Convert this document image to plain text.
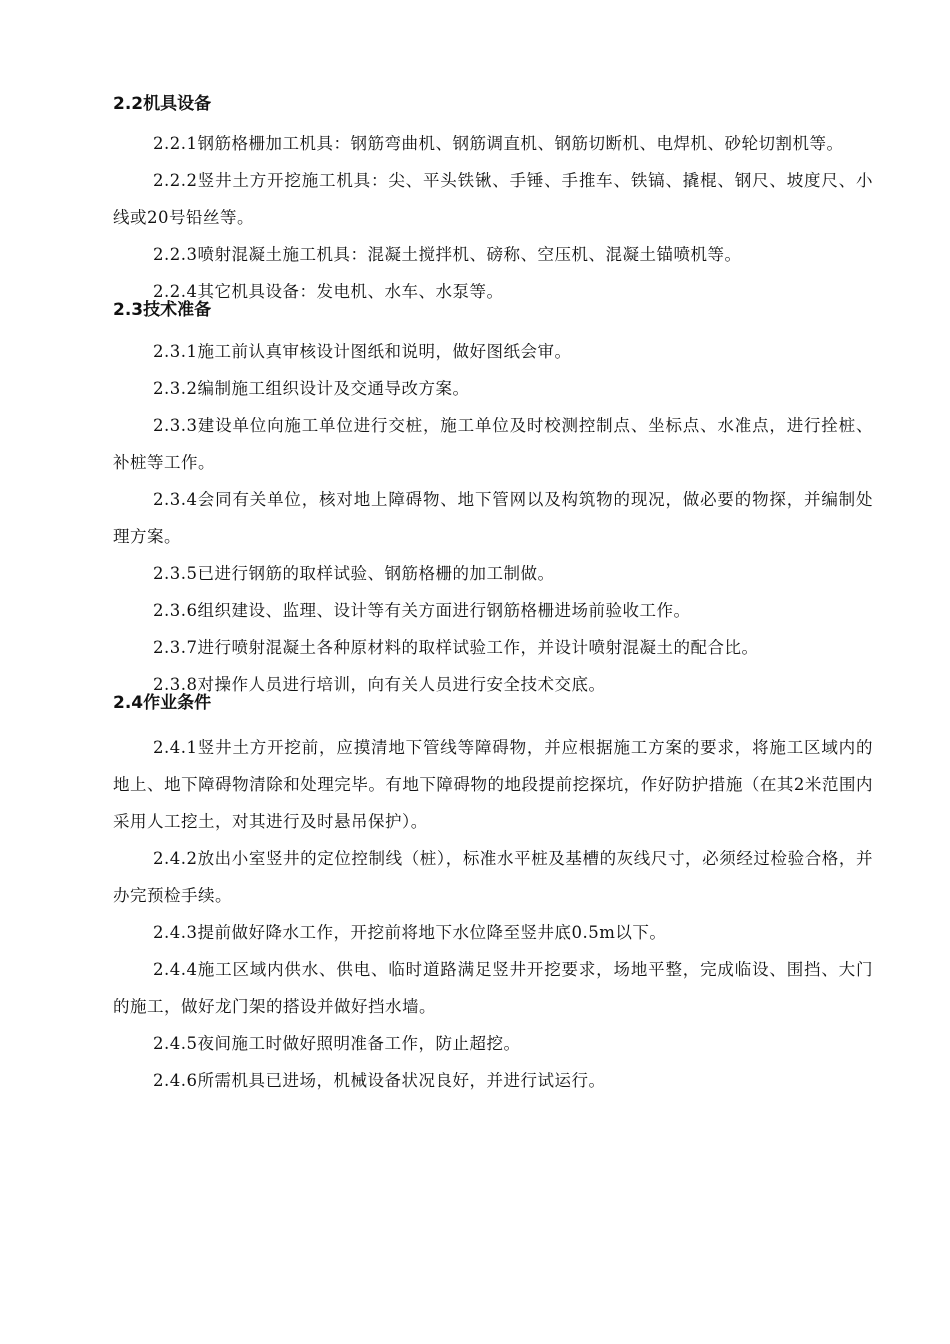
2.2机具设备

2.2.1钢筋格栅加工机具：钢筋弯曲机、钢筋调直机、钢筋切断机、电焊机、砂轮切割机等。

2.2.2竖井土方开挖施工机具：尖、平头铁锹、手锤、手推车、铁镐、撬棍、钢尺、坡度尺、小线或20号铅丝等。

2.2.3喷射混凝土施工机具：混凝土搅拌机、磅称、空压机、混凝土锚喷机等。

2.2.4其它机具设备：发电机、水车、水泵等。

2.3技术准备

2.3.1施工前认真审核设计图纸和说明，做好图纸会审。

2.3.2编制施工组织设计及交通导改方案。

2.3.3建设单位向施工单位进行交桩，施工单位及时校测控制点、坐标点、水准点，进行拴桩、补桩等工作。

2.3.4会同有关单位，核对地上障碍物、地下管网以及构筑物的现况，做必要的物探，并编制处理方案。

2.3.5已进行钢筋的取样试验、钢筋格栅的加工制做。

2.3.6组织建设、监理、设计等有关方面进行钢筋格栅进场前验收工作。

2.3.7进行喷射混凝土各种原材料的取样试验工作，并设计喷射混凝土的配合比。

2.3.8对操作人员进行培训，向有关人员进行安全技术交底。

2.4作业条件

2.4.1竖井土方开挖前，应摸清地下管线等障碍物，并应根据施工方案的要求，将施工区域内的地上、地下障碍物清除和处理完毕。有地下障碍物的地段提前挖探坑，作好防护措施（在其2米范围内采用人工挖土，对其进行及时悬吊保护）。

2.4.2放出小室竖井的定位控制线（桩），标准水平桩及基槽的灰线尺寸，必须经过检验合格，并办完预检手续。

2.4.3提前做好降水工作，开挖前将地下水位降至竖井底0.5m以下。

2.4.4施工区域内供水、供电、临时道路满足竖井开挖要求，场地平整，完成临设、围挡、大门的施工，做好龙门架的搭设并做好挡水墙。

2.4.5夜间施工时做好照明准备工作，防止超挖。

2.4.6所需机具已进场，机械设备状况良好，并进行试运行。
